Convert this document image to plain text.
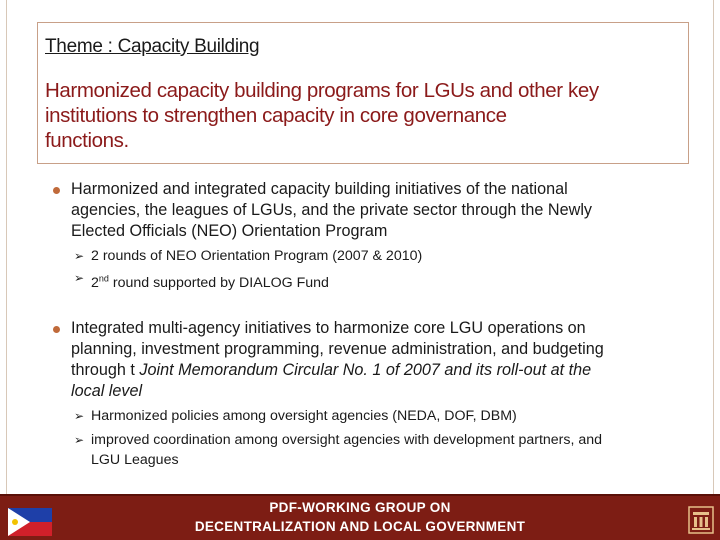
Theme : Capacity Building
Harmonized capacity building programs for LGUs and other key
institutions to strengthen capacity in core governance
functions.
Harmonized and integrated capacity building initiatives of the national
agencies, the leagues of LGUs, and the private sector through the Newly
Elected Officials (NEO) Orientation Program
➢ 2 rounds of NEO Orientation Program (2007 & 2010)
➢ 2nd round supported by DIALOG Fund
Integrated multi-agency initiatives to harmonize core LGU operations on
planning, investment programming, revenue administration, and budgeting
through t Joint Memorandum Circular No. 1 of 2007 and its roll-out at the
local level
➢ Harmonized policies among oversight agencies (NEDA, DOF, DBM)
➢ improved coordination among oversight agencies with development partners, and
LGU Leagues
PDF-WORKING GROUP ON
DECENTRALIZATION AND LOCAL GOVERNMENT
